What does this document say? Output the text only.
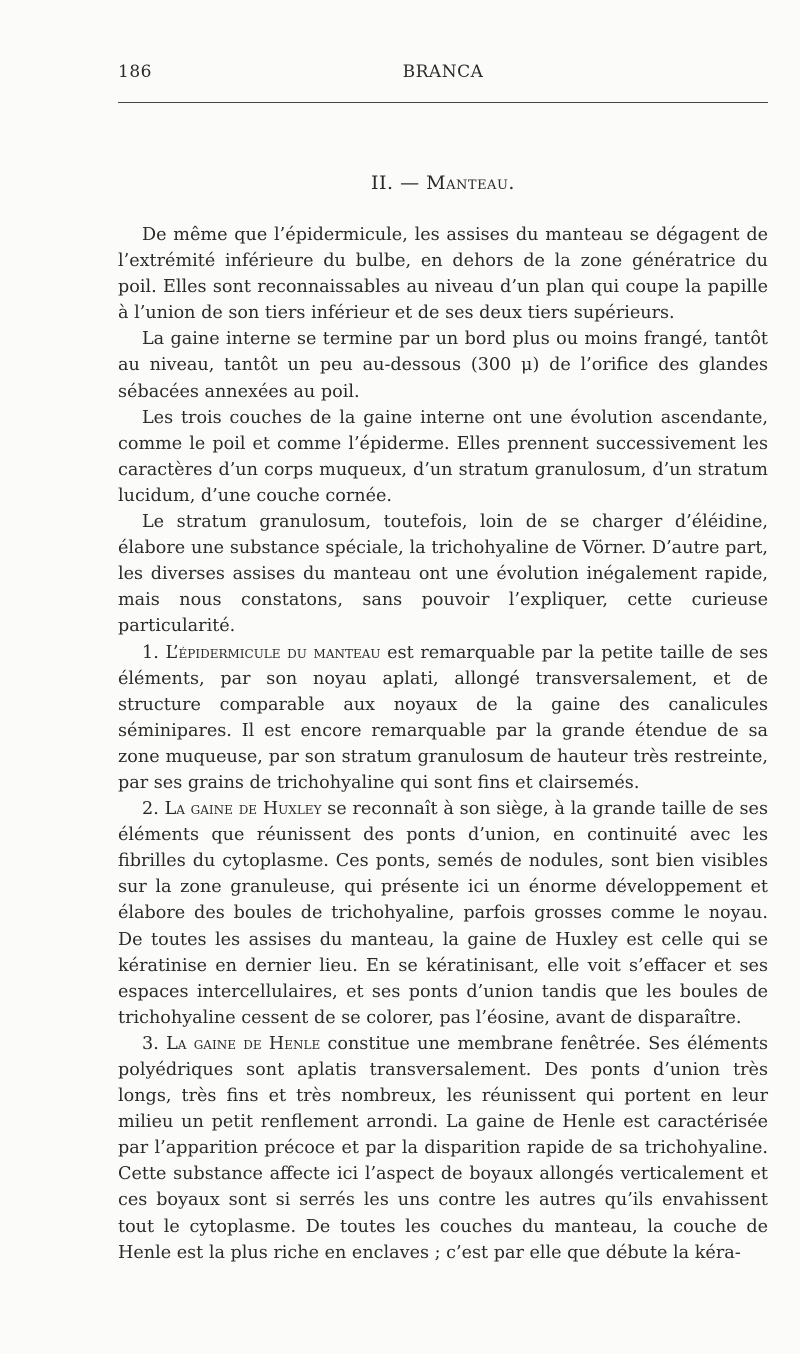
186	BRANCA
II. — Manteau.

De même que l’épidermicule, les assises du manteau se dégagent de l’extrémité inférieure du bulbe, en dehors de la zone génératrice du poil. Elles sont reconnaissables au niveau d’un plan qui coupe la papille à l’union de son tiers inférieur et de ses deux tiers supérieurs.

La gaine interne se termine par un bord plus ou moins frangé, tantôt au niveau, tantôt un peu au-dessous (300 μ) de l’orifice des glandes sébacées annexées au poil.

Les trois couches de la gaine interne ont une évolution ascendante, comme le poil et comme l’épiderme. Elles prennent successivement les caractères d’un corps muqueux, d’un stratum granulosum, d’un stratum lucidum, d’une couche cornée.

Le stratum granulosum, toutefois, loin de se charger d’éléidine, élabore une substance spéciale, la trichohyaline de Vörner. D’autre part, les diverses assises du manteau ont une évolution inégalement rapide, mais nous constatons, sans pouvoir l’expliquer, cette curieuse particularité.

1. L’épidermicule du manteau est remarquable par la petite taille de ses éléments, par son noyau aplati, allongé transversalement, et de structure comparable aux noyaux de la gaine des canalicules séminipares. Il est encore remarquable par la grande étendue de sa zone muqueuse, par son stratum granulosum de hauteur très restreinte, par ses grains de trichohyaline qui sont fins et clairsemés.

2. La gaine de Huxley se reconnaît à son siège, à la grande taille de ses éléments que réunissent des ponts d’union, en continuité avec les fibrilles du cytoplasme. Ces ponts, semés de nodules, sont bien visibles sur la zone granuleuse, qui présente ici un énorme développement et élabore des boules de trichohyaline, parfois grosses comme le noyau. De toutes les assises du manteau, la gaine de Huxley est celle qui se kératinise en dernier lieu. En se kératinisant, elle voit s’effacer et ses espaces intercellulaires, et ses ponts d’union tandis que les boules de trichohyaline cessent de se colorer, pas l’éosine, avant de disparaître.

3. La gaine de Henle constitue une membrane fenêtrée. Ses éléments polyédriques sont aplatis transversalement. Des ponts d’union très longs, très fins et très nombreux, les réunissent qui portent en leur milieu un petit renflement arrondi. La gaine de Henle est caractérisée par l’apparition précoce et par la disparition rapide de sa trichohyaline. Cette substance affecte ici l’aspect de boyaux allongés verticalement et ces boyaux sont si serrés les uns contre les autres qu’ils envahissent tout le cytoplasme. De toutes les couches du manteau, la couche de Henle est la plus riche en enclaves ; c’est par elle que débute la kéra-
